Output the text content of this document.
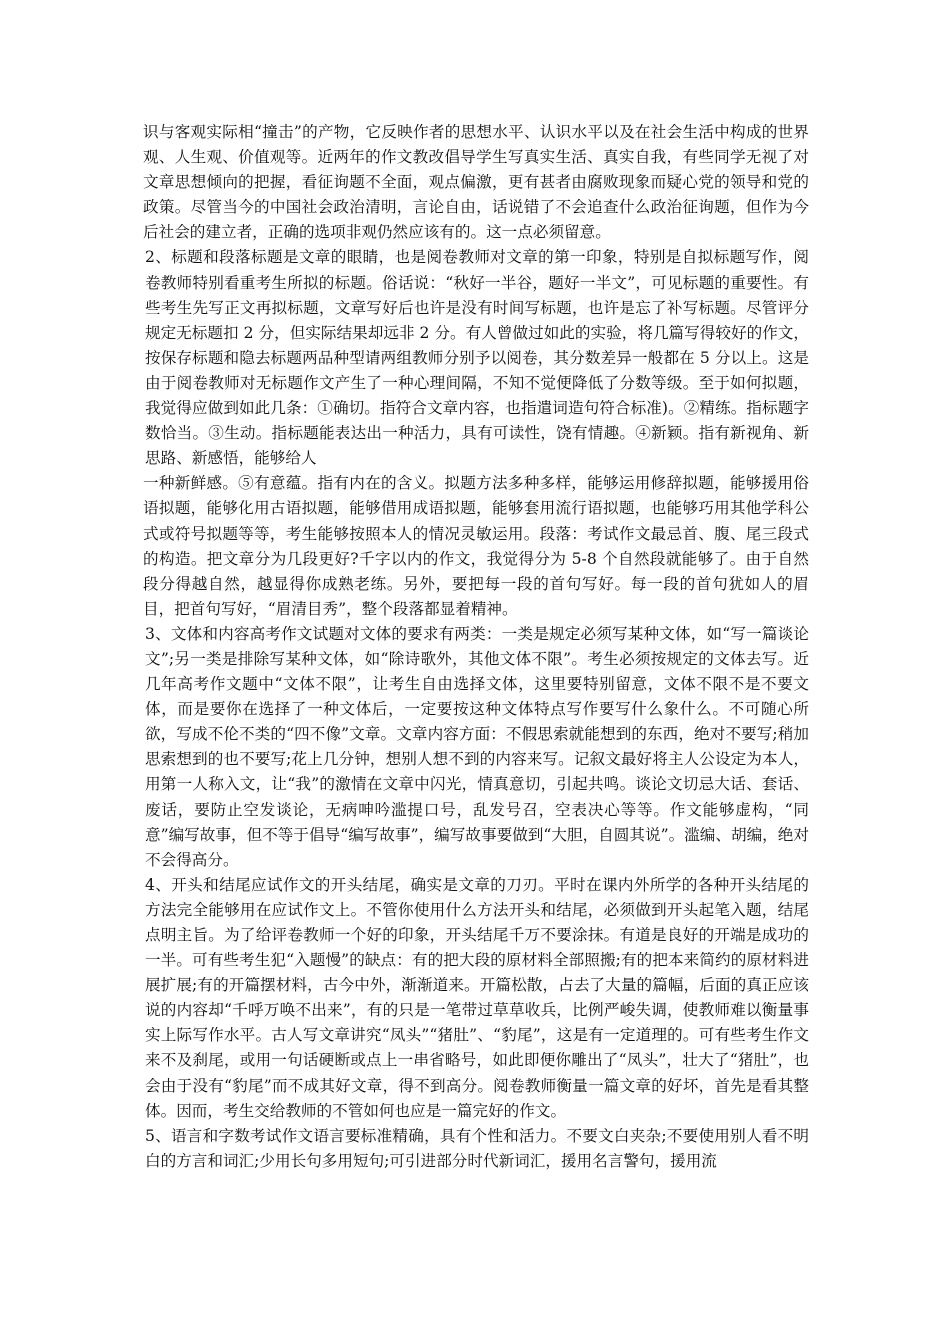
识与客观实际相“撞击”的产物，它反映作者的思想水平、认识水平以及在社会生活中构成的世界观、人生观、价值观等。近两年的作文教改倡导学生写真实生活、真实自我，有些同学无视了对文章思想倾向的把握，看征询题不全面，观点偏激，更有甚者由腐败现象而疑心党的领导和党的政策。尽管当今的中国社会政治清明，言论自由，话说错了不会追查什么政治征询题，但作为今后社会的建立者，正确的选项非观仍然应该有的。这一点必须留意。

2、标题和段落标题是文章的眼睛，也是阅卷教师对文章的第一印象，特别是自拟标题写作，阅卷教师特别看重考生所拟的标题。俗话说：“秋好一半谷，题好一半文”，可见标题的重要性。有些考生先写正文再拟标题，文章写好后也许是没有时间写标题，也许是忘了补写标题。尽管评分规定无标题扣 2 分，但实际结果却远非 2 分。有人曾做过如此的实验，将几篇写得较好的作文，按保存标题和隐去标题两品种型请两组教师分别予以阅卷，其分数差异一般都在 5 分以上。这是由于阅卷教师对无标题作文产生了一种心理间隔，不知不觉便降低了分数等级。至于如何拟题，我觉得应做到如此几条：①确切。指符合文章内容，也指遣词造句符合标准)。②精练。指标题字数恰当。③生动。指标题能表达出一种活力，具有可读性，饶有情趣。④新颖。指有新视角、新思路、新感悟，能够给人

一种新鲜感。⑤有意蕴。指有内在的含义。拟题方法多种多样，能够运用修辞拟题，能够援用俗语拟题，能够化用古语拟题，能够借用成语拟题，能够套用流行语拟题，也能够巧用其他学科公式或符号拟题等等，考生能够按照本人的情况灵敏运用。段落：考试作文最忌首、腹、尾三段式的构造。把文章分为几段更好?千字以内的作文，我觉得分为 5-8 个自然段就能够了。由于自然段分得越自然，越显得你成熟老练。另外，要把每一段的首句写好。每一段的首句犹如人的眉目，把首句写好，“眉清目秀”，整个段落都显着精神。

3、文体和内容高考作文试题对文体的要求有两类：一类是规定必须写某种文体，如“写一篇谈论文”;另一类是排除写某种文体，如“除诗歌外，其他文体不限”。考生必须按规定的文体去写。近几年高考作文题中“文体不限”，让考生自由选择文体，这里要特别留意，文体不限不是不要文体，而是要你在选择了一种文体后，一定要按这种文体特点写作要写什么象什么。不可随心所欲，写成不伦不类的“四不像”文章。文章内容方面：不假思索就能想到的东西，绝对不要写;稍加思索想到的也不要写;花上几分钟，想别人想不到的内容来写。记叙文最好将主人公设定为本人，用第一人称入文，让“我”的激情在文章中闪光，情真意切，引起共鸣。谈论文切忌大话、套话、废话，要防止空发谈论，无病呻吟滥提口号，乱发号召，空表决心等等。作文能够虚构，“同意”编写故事，但不等于倡导“编写故事”，编写故事要做到“大胆，自圆其说”。滥编、胡编，绝对不会得高分。

4、开头和结尾应试作文的开头结尾，确实是文章的刀刃。平时在课内外所学的各种开头结尾的方法完全能够用在应试作文上。不管你使用什么方法开头和结尾，必须做到开头起笔入题，结尾点明主旨。为了给评卷教师一个好的印象，开头结尾千万不要涂抹。有道是良好的开端是成功的一半。可有些考生犯“入题慢”的缺点：有的把大段的原材料全部照搬;有的把本来简约的原材料进展扩展;有的开篇摆材料，古今中外，渐渐道来。开篇松散，占去了大量的篇幅，后面的真正应该说的内容却“千呼万唤不出来”，有的只是一笔带过草草收兵，比例严峻失调，使教师难以衡量事实上际写作水平。古人写文章讲究“凤头”“猪肚”、“豹尾”，这是有一定道理的。可有些考生作文来不及刹尾，或用一句话硬断或点上一串省略号，如此即便你雕出了“凤头”，壮大了“猪肚”，也会由于没有“豹尾”而不成其好文章，得不到高分。阅卷教师衡量一篇文章的好坏，首先是看其整体。因而，考生交给教师的不管如何也应是一篇完好的作文。

5、语言和字数考试作文语言要标准精确，具有个性和活力。不要文白夹杂;不要使用别人看不明白的方言和词汇;少用长句多用短句;可引进部分时代新词汇，援用名言警句，援用流
